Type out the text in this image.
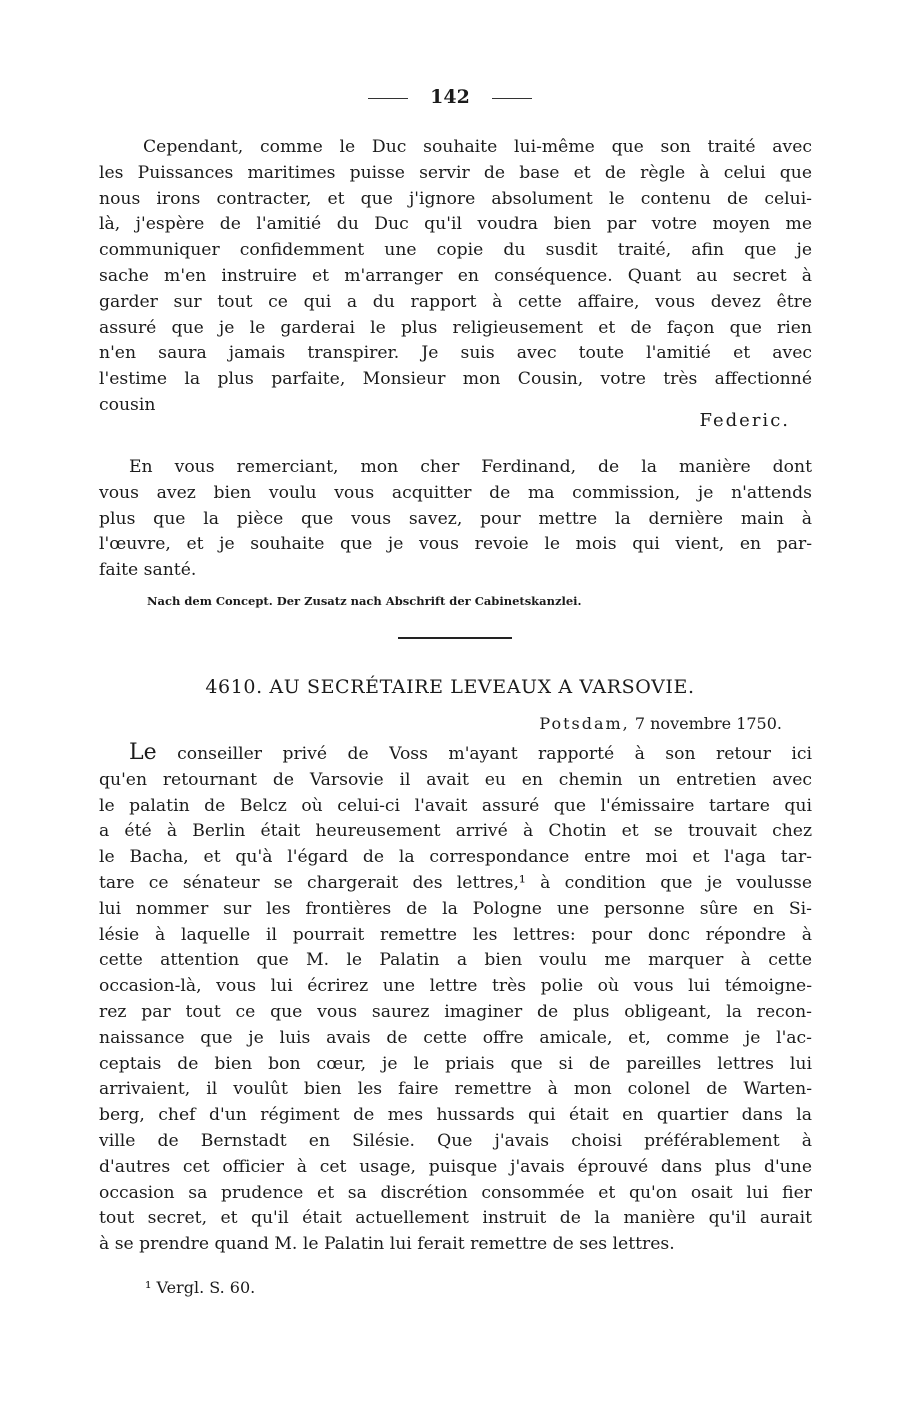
142
Cependant, comme le Duc souhaite lui-même que son traité avec
les Puissances maritimes puisse servir de base et de règle à celui que
nous irons contracter, et que j'ignore absolument le contenu de celui-
là, j'espère de l'amitié du Duc qu'il voudra bien par votre moyen me
communiquer confidemment une copie du susdit traité, afin que je
sache m'en instruire et m'arranger en conséquence. Quant au secret à
garder sur tout ce qui a du rapport à cette affaire, vous devez être
assuré que je le garderai le plus religieusement et de façon que rien
n'en saura jamais transpirer. Je suis avec toute l'amitié et avec
l'estime la plus parfaite, Monsieur mon Cousin, votre très affectionné
cousin
Federic.
En vous remerciant, mon cher Ferdinand, de la manière dont
vous avez bien voulu vous acquitter de ma commission, je n'attends
plus que la pièce que vous savez, pour mettre la dernière main à
l'œuvre, et je souhaite que je vous revoie le mois qui vient, en par-
faite santé.
Nach dem Concept. Der Zusatz nach Abschrift der Cabinetskanzlei.
4610. AU SECRÉTAIRE LEVEAUX A VARSOVIE.
Potsdam, 7 novembre 1750.
Le conseiller privé de Voss m'ayant rapporté à son retour ici
qu'en retournant de Varsovie il avait eu en chemin un entretien avec
le palatin de Belcz où celui-ci l'avait assuré que l'émissaire tartare qui
a été à Berlin était heureusement arrivé à Chotin et se trouvait chez
le Bacha, et qu'à l'égard de la correspondance entre moi et l'aga tar-
tare ce sénateur se chargerait des lettres,¹ à condition que je voulusse
lui nommer sur les frontières de la Pologne une personne sûre en Si-
lésie à laquelle il pourrait remettre les lettres: pour donc répondre à
cette attention que M. le Palatin a bien voulu me marquer à cette
occasion-là, vous lui écrirez une lettre très polie où vous lui témoigne-
rez par tout ce que vous saurez imaginer de plus obligeant, la recon-
naissance que je luis avais de cette offre amicale, et, comme je l'ac-
ceptais de bien bon cœur, je le priais que si de pareilles lettres lui
arrivaient, il voulût bien les faire remettre à mon colonel de Warten-
berg, chef d'un régiment de mes hussards qui était en quartier dans la
ville de Bernstadt en Silésie. Que j'avais choisi préférablement à
d'autres cet officier à cet usage, puisque j'avais éprouvé dans plus d'une
occasion sa prudence et sa discrétion consommée et qu'on osait lui fier
tout secret, et qu'il était actuellement instruit de la manière qu'il aurait
à se prendre quand M. le Palatin lui ferait remettre de ses lettres.
¹ Vergl. S. 60.
